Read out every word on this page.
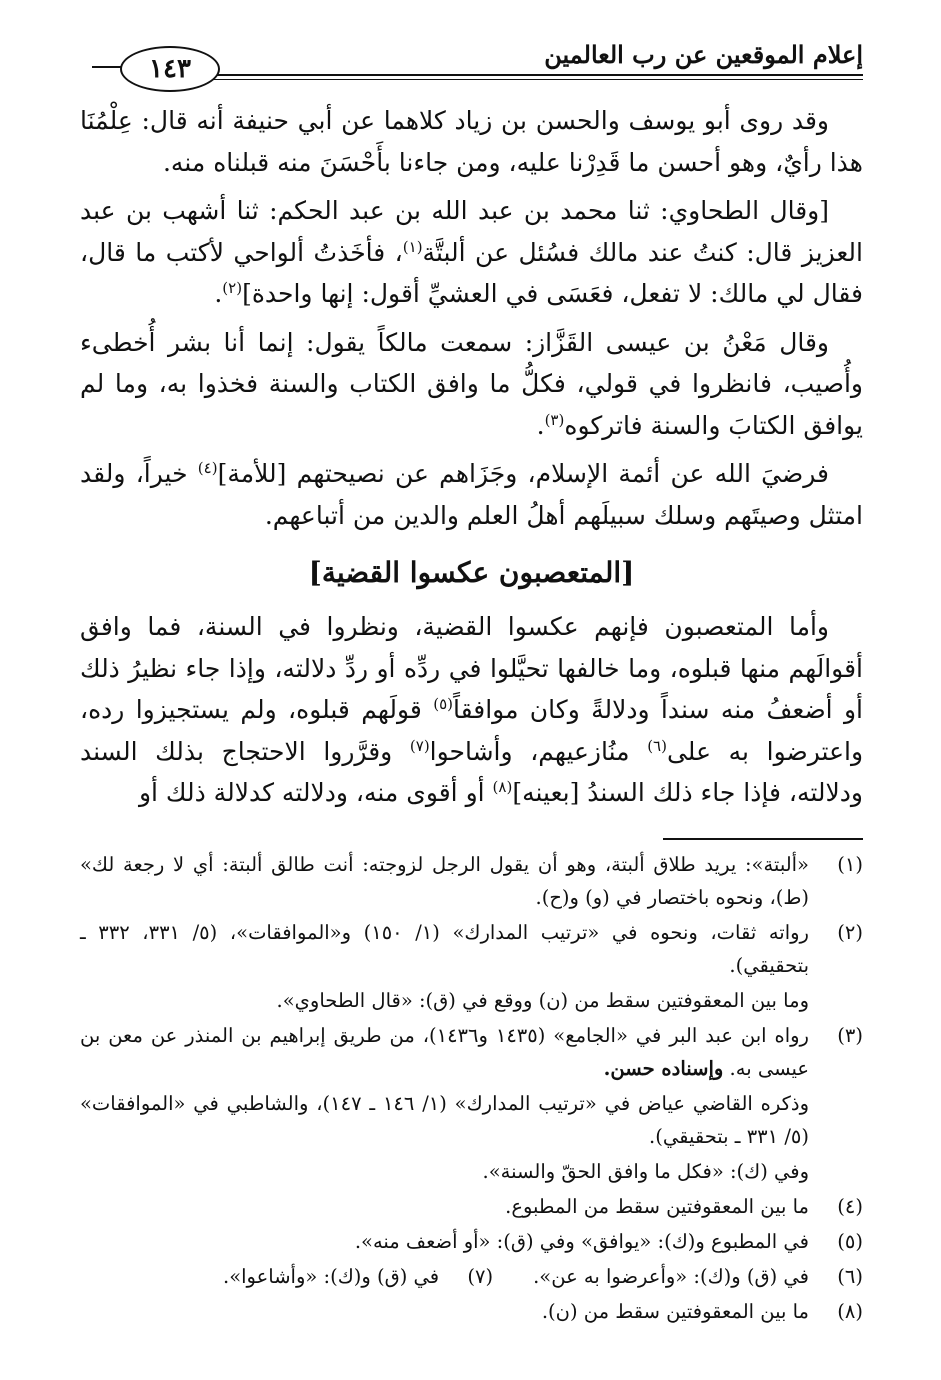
إعلام الموقعين عن رب العالمين
١٤٣

وقد روى أبو يوسف والحسن بن زياد كلاهما عن أبي حنيفة أنه قال: عِلْمُنَا هذا رأيٌ، وهو أحسن ما قَدِرْنا عليه، ومن جاءنا بأَحْسَنَ منه قبلناه منه.

[وقال الطحاوي: ثنا محمد بن عبد الله بن عبد الحكم: ثنا أشهب بن عبد العزيز قال: كنتُ عند مالك فسُئل عن ألبتَّة$^{(١)}$، فأخَذتُ ألواحي لأكتب ما قال، فقال لي مالك: لا تفعل، فعَسَى في العشيِّ أقول: إنها واحدة]$^{(٢)}$.

وقال مَعْنُ بن عيسى القَزَّاز: سمعت مالكاً يقول: إنما أنا بشر أُخطىء وأُصيب، فانظروا في قولي، فكلُّ ما وافق الكتاب والسنة فخذوا به، وما لم يوافق الكتابَ والسنة فاتركوه$^{(٣)}$.

فرضيَ الله عن أئمة الإسلام، وجَزَاهم عن نصيحتهم [للأمة]$^{(٤)}$ خيراً، ولقد امتثل وصيتَهم وسلك سبيلَهم أهلُ العلم والدين من أتباعهم.

[المتعصبون عكسوا القضية]

وأما المتعصبون فإنهم عكسوا القضية، ونظروا في السنة، فما وافق أقوالَهم منها قبلوه، وما خالفها تحيَّلوا في ردِّه أو ردِّ دلالته، وإذا جاء نظيرُ ذلك أو أضعفُ منه سنداً ودلالةً وكان موافقاً$^{(٥)}$ قولَهم قبلوه، ولم يستجيزوا رده، واعترضوا به على$^{(٦)}$ منُازعيهم، وأشاحوا$^{(٧)}$ وقرَّروا الاحتجاج بذلك السند ودلالته، فإذا جاء ذلك السندُ [بعينه]$^{(٨)}$ أو أقوى منه، ودلالته كدلالة ذلك أو

(١)
«ألبتة»: يريد طلاق ألبتة، وهو أن يقول الرجل لزوجته: أنت طالق ألبتة: أي لا رجعة لك» (ط)، ونحوه باختصار في (و) و(ح).
(٢)
رواته ثقات، ونحوه في «ترتيب المدارك» (١/ ١٥٠) و«الموافقات»، (٥/ ٣٣١، ٣٣٢ ـ بتحقيقي).
وما بين المعقوفتين سقط من (ن) ووقع في (ق): «قال الطحاوي».
(٣)
رواه ابن عبد البر في «الجامع» (١٤٣٥ و١٤٣٦)، من طريق إبراهيم بن المنذر عن معن بن عيسى به. وإسناده حسن.
وذكره القاضي عياض في «ترتيب المدارك» (١/ ١٤٦ ـ ١٤٧)، والشاطبي في «الموافقات» (٥/ ٣٣١ ـ بتحقيقي).
وفي (ك): «فكل ما وافق الحقّ والسنة».
(٤)
ما بين المعقوفتين سقط من المطبوع.
(٥)
في المطبوع و(ك): «يوافق» وفي (ق): «أو أضعف منه».
(٦)
في (ق) و(ك): «وأعرضوا به عن».
(٧)
في (ق) و(ك): «وأشاعوا».
(٨)
ما بين المعقوفتين سقط من (ن).
